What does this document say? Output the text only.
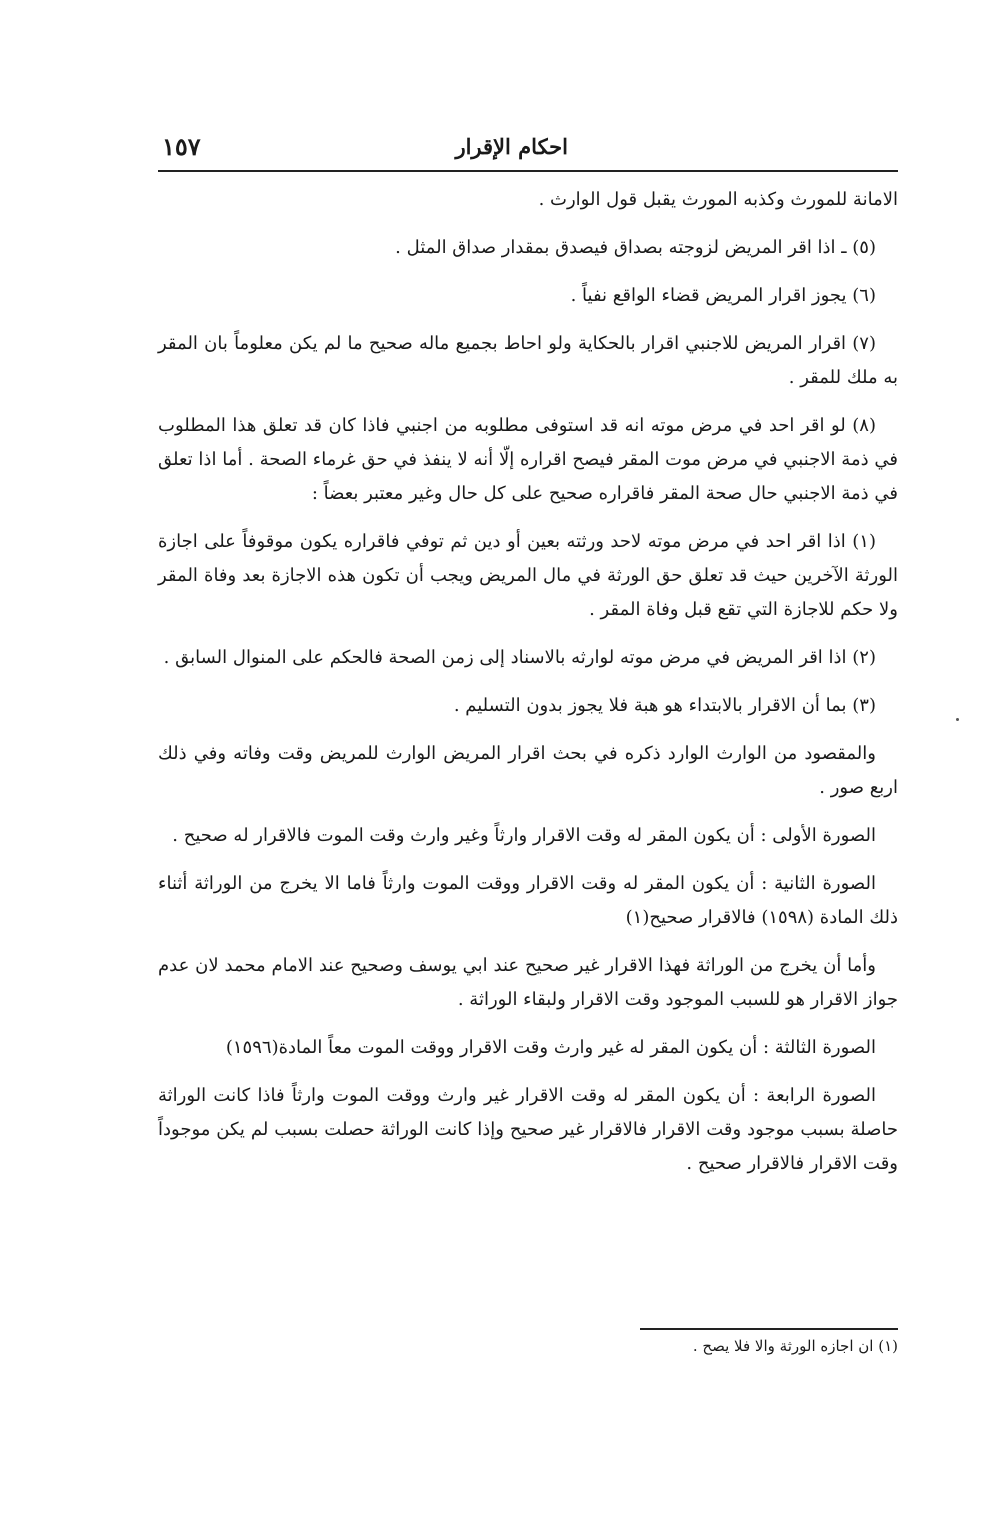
احكام الإقرار
١٥٧

الامانة للمورث وكذبه المورث يقبل قول الوارث .

(٥) ـ اذا اقر المريض لزوجته بصداق فيصدق بمقدار صداق المثل .

(٦) يجوز اقرار المريض قضاء الواقع نفياً .

(٧) اقرار المريض للاجنبي اقرار بالحكاية ولو احاط بجميع ماله صحيح ما لم يكن معلوماً بان المقر به ملك للمقر .

(٨) لو اقر احد في مرض موته انه قد استوفى مطلوبه من اجنبي فاذا كان قد تعلق هذا المطلوب في ذمة الاجنبي في مرض موت المقر فيصح اقراره إلّا أنه لا ينفذ في حق غرماء الصحة . أما اذا تعلق في ذمة الاجنبي حال صحة المقر فاقراره صحيح على كل حال وغير معتبر بعضاً :

(١) اذا اقر احد في مرض موته لاحد ورثته بعين أو دين ثم توفي فاقراره يكون موقوفاً على اجازة الورثة الآخرين حيث قد تعلق حق الورثة في مال المريض ويجب أن تكون هذه الاجازة بعد وفاة المقر ولا حكم للاجازة التي تقع قبل وفاة المقر .

(٢) اذا اقر المريض في مرض موته لوارثه بالاسناد إلى زمن الصحة فالحكم على المنوال السابق .

(٣) بما أن الاقرار بالابتداء هو هبة فلا يجوز بدون التسليم .

والمقصود من الوارث الوارد ذكره في بحث اقرار المريض الوارث للمريض وقت وفاته وفي ذلك اربع صور .

الصورة الأولى : أن يكون المقر له وقت الاقرار وارثاً وغير وارث وقت الموت فالاقرار له صحيح .

الصورة الثانية : أن يكون المقر له وقت الاقرار ووقت الموت وارثاً فاما الا يخرج من الوراثة أثناء ذلك المادة (١٥٩٨) فالاقرار صحيح(١)

وأما أن يخرج من الوراثة فهذا الاقرار غير صحيح عند ابي يوسف وصحيح عند الامام محمد لان عدم جواز الاقرار هو للسبب الموجود وقت الاقرار ولبقاء الوراثة .

الصورة الثالثة : أن يكون المقر له غير وارث وقت الاقرار ووقت الموت معاً المادة(١٥٩٦)

الصورة الرابعة : أن يكون المقر له وقت الاقرار غير وارث ووقت الموت وارثاً فاذا كانت الوراثة حاصلة بسبب موجود وقت الاقرار فالاقرار غير صحيح وإذا كانت الوراثة حصلت بسبب لم يكن موجوداً وقت الاقرار فالاقرار صحيح .

(١) ان اجازه الورثة والا فلا يصح .
